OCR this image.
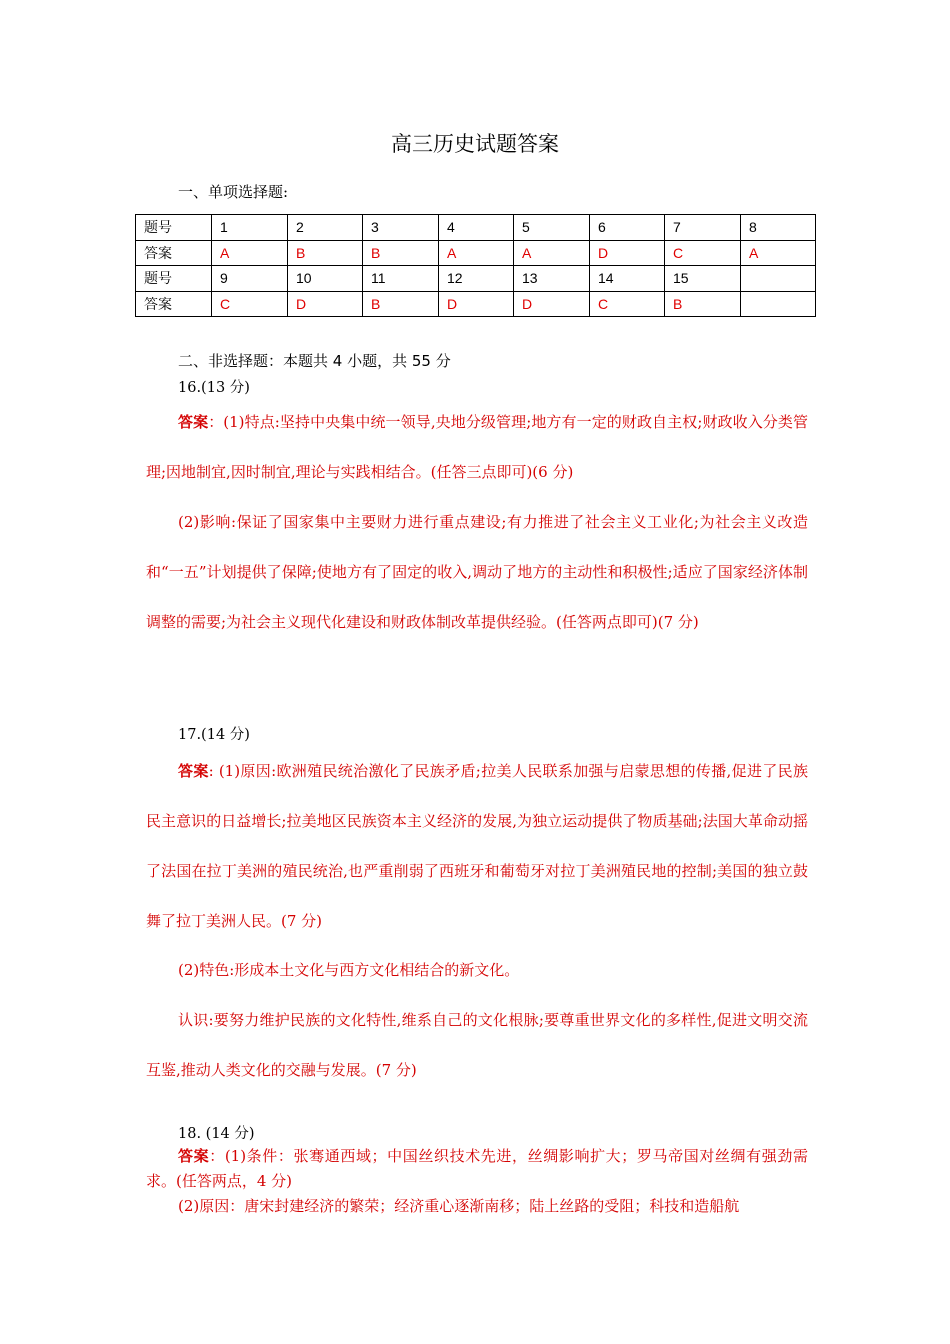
高三历史试题答案
一、单项选择题:
题号	1	2	3	4	5	6	7	8
答案	A	B	B	A	A	D	C	A
题号	9	10	11	12	13	14	15	
答案	C	D	B	D	D	C	B	
二、非选择题：本题共 4 小题，共 55 分
16.(13 分)

答案：(1)特点:坚持中央集中统一领导,央地分级管理;地方有一定的财政自主权;财政收入分类管理;因地制宜,因时制宜,理论与实践相结合。(任答三点即可)(6 分)

(2)影响:保证了国家集中主要财力进行重点建设;有力推进了社会主义工业化;为社会主义改造和“一五”计划提供了保障;使地方有了固定的收入,调动了地方的主动性和积极性;适应了国家经济体制调整的需要;为社会主义现代化建设和财政体制改革提供经验。(任答两点即可)(7 分)

17.(14 分)

答案: (1)原因:欧洲殖民统治激化了民族矛盾;拉美人民联系加强与启蒙思想的传播,促进了民族民主意识的日益增长;拉美地区民族资本主义经济的发展,为独立运动提供了物质基础;法国大革命动摇了法国在拉丁美洲的殖民统治,也严重削弱了西班牙和葡萄牙对拉丁美洲殖民地的控制;美国的独立鼓舞了拉丁美洲人民。(7 分)

(2)特色:形成本土文化与西方文化相结合的新文化。

认识:要努力维护民族的文化特性,维系自己的文化根脉;要尊重世界文化的多样性,促进文明交流互鉴,推动人类文化的交融与发展。(7 分)

18. (14 分)

答案：(1)条件：张骞通西域；中国丝织技术先进，丝绸影响扩大；罗马帝国对丝绸有强劲需求。(任答两点，4 分)

(2)原因：唐宋封建经济的繁荣；经济重心逐渐南移；陆上丝路的受阻；科技和造船航
